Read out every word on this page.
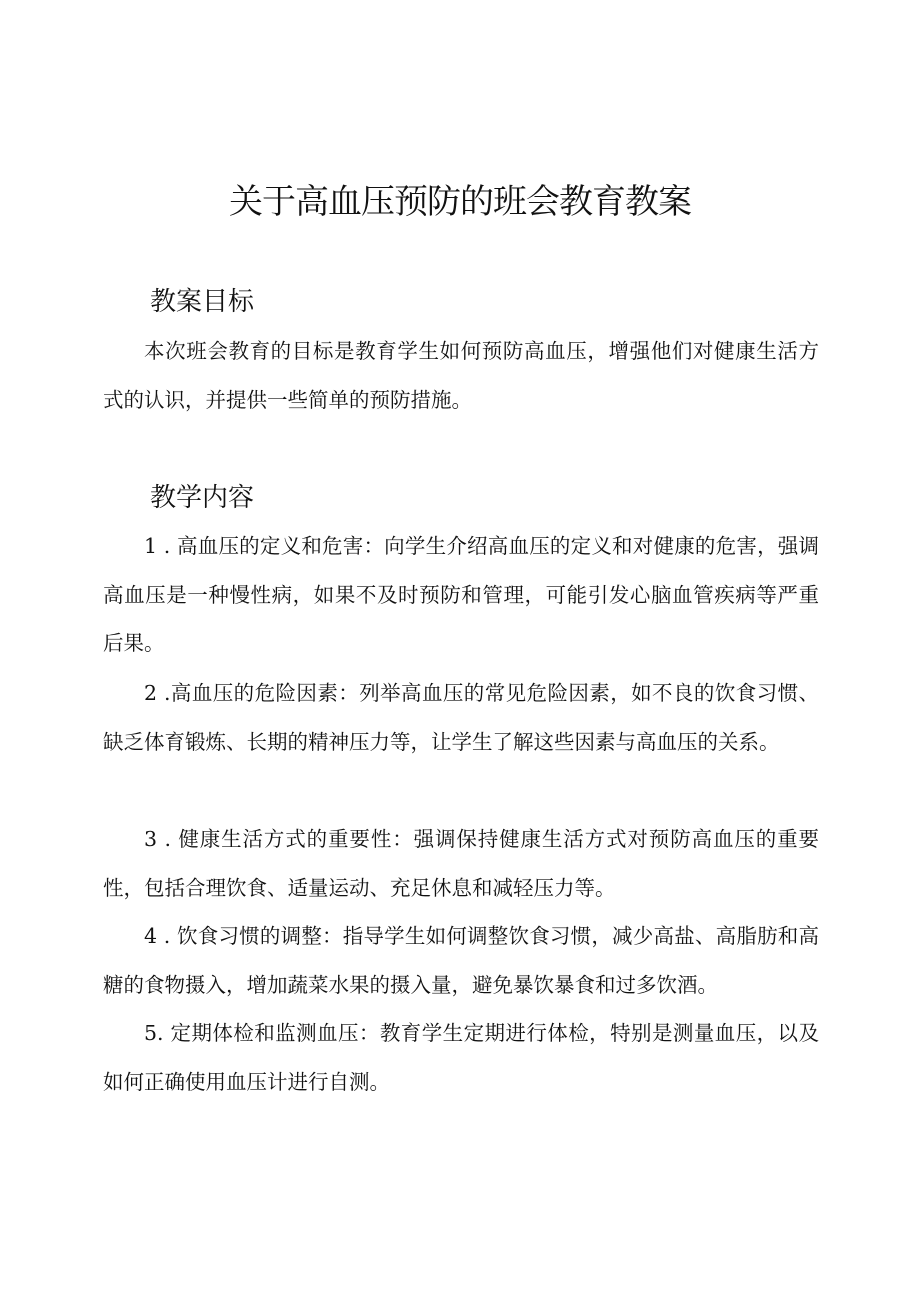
关于高血压预防的班会教育教案
教案目标

本次班会教育的目标是教育学生如何预防高血压，增强他们对健康生活方式的认识，并提供一些简单的预防措施。

教学内容

1 . 高血压的定义和危害：向学生介绍高血压的定义和对健康的危害，强调高血压是一种慢性病，如果不及时预防和管理，可能引发心脑血管疾病等严重后果。

2 .高血压的危险因素：列举高血压的常见危险因素，如不良的饮食习惯、缺乏体育锻炼、长期的精神压力等，让学生了解这些因素与高血压的关系。

3 . 健康生活方式的重要性：强调保持健康生活方式对预防高血压的重要性，包括合理饮食、适量运动、充足休息和减轻压力等。

4 . 饮食习惯的调整：指导学生如何调整饮食习惯，减少高盐、高脂肪和高糖的食物摄入，增加蔬菜水果的摄入量，避免暴饮暴食和过多饮酒。

5. 定期体检和监测血压：教育学生定期进行体检，特别是测量血压，以及如何正确使用血压计进行自测。
